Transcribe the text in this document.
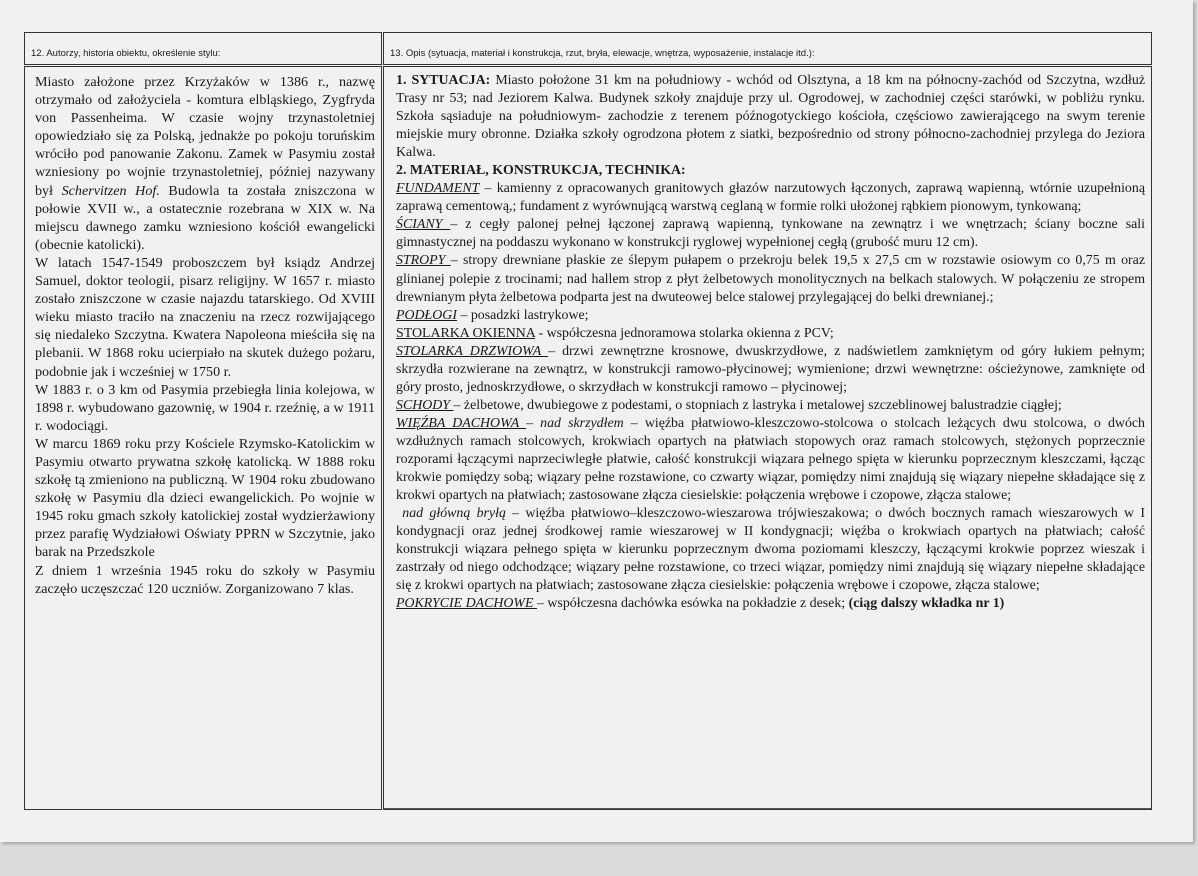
12. Autorzy, historia obiektu, określenie stylu:	13. Opis (sytuacja, materiał i konstrukcja, rzut, bryła, elewacje, wnętrza, wyposażenie, instalacje itd.):

Miasto założone przez Krzyżaków w 1386 r., nazwę otrzymało od założyciela - komtura elbląskiego, Zygfryda von Passenheima. W czasie wojny trzynastoletniej opowiedziało się za Polską, jednakże po pokoju toruńskim wróciło pod panowanie Zakonu. Zamek w Pasymiu został wzniesiony po wojnie trzynastoletniej, później nazywany był Schervitzen Hof. Budowla ta została zniszczona w połowie XVII w., a ostatecznie rozebrana w XIX w. Na miejscu dawnego zamku wzniesiono kościół ewangelicki (obecnie katolicki).

W latach 1547-1549 proboszczem był ksiądz Andrzej Samuel, doktor teologii, pisarz religijny. W 1657 r. miasto zostało zniszczone w czasie najazdu tatarskiego. Od XVIII wieku miasto traciło na znaczeniu na rzecz rozwijającego się niedaleko Szczytna. Kwatera Napoleona mieściła się na plebanii. W 1868 roku ucierpiało na skutek dużego pożaru, podobnie jak i wcześniej w 1750 r.

W 1883 r. o 3 km od Pasymia przebiegła linia kolejowa, w 1898 r. wybudowano gazownię, w 1904 r. rzeźnię, a w 1911 r. wodociągi.

W marcu 1869 roku przy Kościele Rzymsko-Katolickim w Pasymiu otwarto prywatna szkołę katolicką. W 1888 roku szkołę tą zmieniono na publiczną. W 1904 roku zbudowano szkołę w Pasymiu dla dzieci ewangelickich. Po wojnie w 1945 roku gmach szkoły katolickiej został wydzierżawiony przez parafię Wydziałowi Oświaty PPRN w Szczytnie, jako barak na Przedszkole

Z dniem 1 września 1945 roku do szkoły w Pasymiu zaczęło uczęszczać 120 uczniów. Zorganizowano 7 klas.

1. SYTUACJA: Miasto położone 31 km na południowy - wchód od Olsztyna, a 18 km na północny-zachód od Szczytna, wzdłuż Trasy nr 53; nad Jeziorem Kalwa. Budynek szkoły znajduje przy ul. Ogrodowej, w zachodniej części starówki, w pobliżu rynku. Szkoła sąsiaduje na południowym- zachodzie z terenem późnogotyckiego kościoła, częściowo zawierającego na swym terenie miejskie mury obronne. Działka szkoły ogrodzona płotem z siatki, bezpośrednio od strony północno-zachodniej przylega do Jeziora Kalwa.

2. MATERIAŁ, KONSTRUKCJA, TECHNIKA:

FUNDAMENT – kamienny z opracowanych granitowych głazów narzutowych łączonych, zaprawą wapienną, wtórnie uzupełnioną zaprawą cementową,; fundament z wyrównującą warstwą ceglaną w formie rolki ułożonej rąbkiem pionowym, tynkowaną;

ŚCIANY – z cegły palonej pełnej łączonej zaprawą wapienną, tynkowane na zewnątrz i we wnętrzach; ściany boczne sali gimnastycznej na poddaszu wykonano w konstrukcji ryglowej wypełnionej cegłą (grubość muru 12 cm).

STROPY – stropy drewniane płaskie ze ślepym pułapem o przekroju belek 19,5 x 27,5 cm w rozstawie osiowym co 0,75 m oraz glinianej polepie z trocinami; nad hallem strop z płyt żelbetowych monolitycznych na belkach stalowych. W połączeniu ze stropem drewnianym płyta żelbetowa podparta jest na dwuteowej belce stalowej przylegającej do belki drewnianej.;

PODŁOGI – posadzki lastrykowe;

STOLARKA OKIENNA - współczesna jednoramowa stolarka okienna z PCV;

STOLARKA DRZWIOWA – drzwi zewnętrzne krosnowe, dwuskrzydłowe, z nadświetlem zamkniętym od góry łukiem pełnym; skrzydła rozwierane na zewnątrz, w konstrukcji ramowo-płycinowej; wymienione; drzwi wewnętrzne: ościeżynowe, zamknięte od góry prosto, jednoskrzydłowe, o skrzydłach w konstrukcji ramowo – płycinowej;

SCHODY – żelbetowe, dwubiegowe z podestami, o stopniach z lastryka i metalowej szczeblinowej balustradzie ciągłej;

WIĘŹBA DACHOWA – nad skrzydłem – więźba płatwiowo-kleszczowo-stolcowa o stolcach leżących dwu stolcowa, o dwóch wzdłużnych ramach stolcowych, krokwiach opartych na płatwiach stopowych oraz ramach stolcowych, stężonych poprzecznie rozporami łączącymi naprzeciwległe płatwie, całość konstrukcji wiązara pełnego spięta w kierunku poprzecznym kleszczami, łącząc krokwie pomiędzy sobą; wiązary pełne rozstawione, co czwarty wiązar, pomiędzy nimi znajdują się wiązary niepełne składające się z krokwi opartych na płatwiach; zastosowane złącza ciesielskie: połączenia wrębowe i czopowe, złącza stalowe;

nad główną bryłą – więźba płatwiowo–kleszczowo-wieszarowa trójwieszakowa; o dwóch bocznych ramach wieszarowych w I kondygnacji oraz jednej środkowej ramie wieszarowej w II kondygnacji; więźba o krokwiach opartych na płatwiach; całość konstrukcji wiązara pełnego spięta w kierunku poprzecznym dwoma poziomami kleszczy, łączącymi krokwie poprzez wieszak i zastrzały od niego odchodzące; wiązary pełne rozstawione, co trzeci wiązar, pomiędzy nimi znajdują się wiązary niepełne składające się z krokwi opartych na płatwiach; zastosowane złącza ciesielskie: połączenia wrębowe i czopowe, złącza stalowe;

POKRYCIE DACHOWE – współczesna dachówka esówka na pokładzie z desek; (ciąg dalszy wkładka nr 1)
